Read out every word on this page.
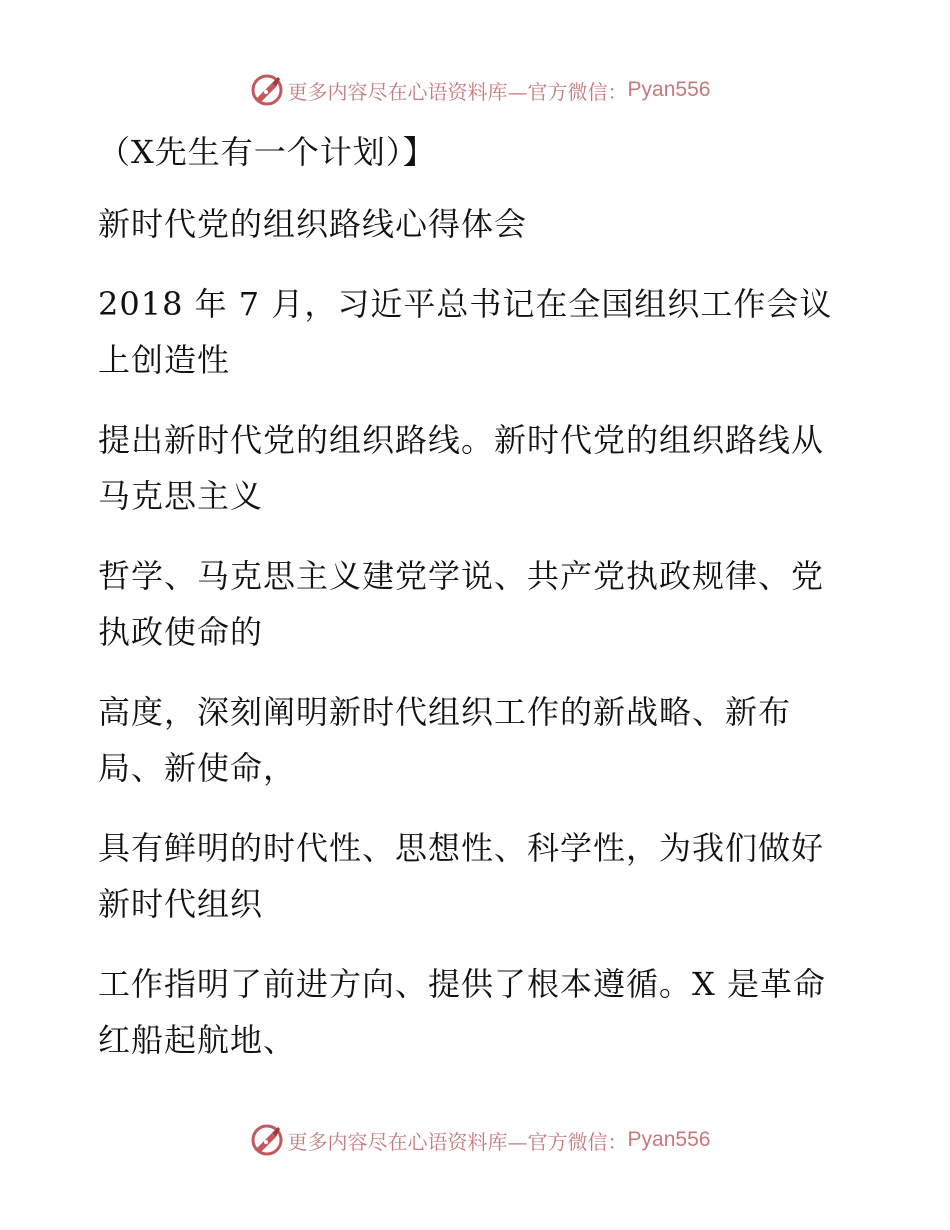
更多内容尽在心语资料库—官方微信： Pyan556

（X先生有一个计划）】

新时代党的组织路线心得体会

2018 年 7 月，习近平总书记在全国组织工作会议上创造性

提出新时代党的组织路线。新时代党的组织路线从马克思主义

哲学、马克思主义建党学说、共产党执政规律、党执政使命的

高度，深刻阐明新时代组织工作的新战略、新布局、新使命，

具有鲜明的时代性、思想性、科学性，为我们做好新时代组织

工作指明了前进方向、提供了根本遵循。X 是革命红船起航地、

更多内容尽在心语资料库—官方微信： Pyan556
